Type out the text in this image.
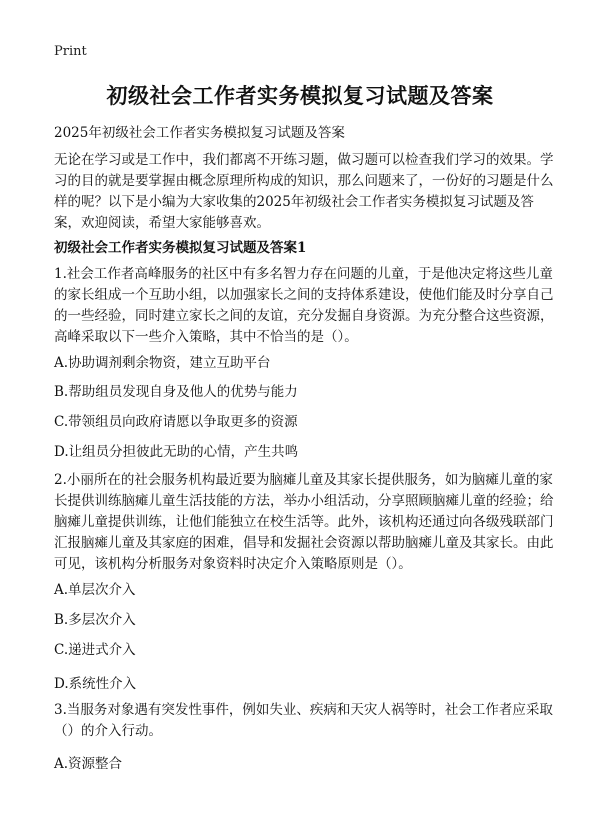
Print
初级社会工作者实务模拟复习试题及答案
2025年初级社会工作者实务模拟复习试题及答案

无论在学习或是工作中，我们都离不开练习题，做习题可以检查我们学习的效果。学习的目的就是要掌握由概念原理所构成的知识，那么问题来了，一份好的习题是什么样的呢？以下是小编为大家收集的2025年初级社会工作者实务模拟复习试题及答案，欢迎阅读，希望大家能够喜欢。

初级社会工作者实务模拟复习试题及答案1

1.社会工作者高峰服务的社区中有多名智力存在问题的儿童，于是他决定将这些儿童的家长组成一个互助小组，以加强家长之间的支持体系建设，使他们能及时分享自己的一些经验，同时建立家长之间的友谊，充分发掘自身资源。为充分整合这些资源，高峰采取以下一些介入策略，其中不恰当的是（）。

A.协助调剂剩余物资，建立互助平台
B.帮助组员发现自身及他人的优势与能力
C.带领组员向政府请愿以争取更多的资源
D.让组员分担彼此无助的心情，产生共鸣

2.小丽所在的社会服务机构最近要为脑瘫儿童及其家长提供服务，如为脑瘫儿童的家长提供训练脑瘫儿童生活技能的方法，举办小组活动，分享照顾脑瘫儿童的经验；给脑瘫儿童提供训练，让他们能独立在校生活等。此外，该机构还通过向各级残联部门汇报脑瘫儿童及其家庭的困难，倡导和发掘社会资源以帮助脑瘫儿童及其家长。由此可见，该机构分析服务对象资料时决定介入策略原则是（）。

A.单层次介入
B.多层次介入
C.递进式介入
D.系统性介入

3.当服务对象遇有突发性事件，例如失业、疾病和天灾人祸等时，社会工作者应采取（）的介入行动。

A.资源整合
